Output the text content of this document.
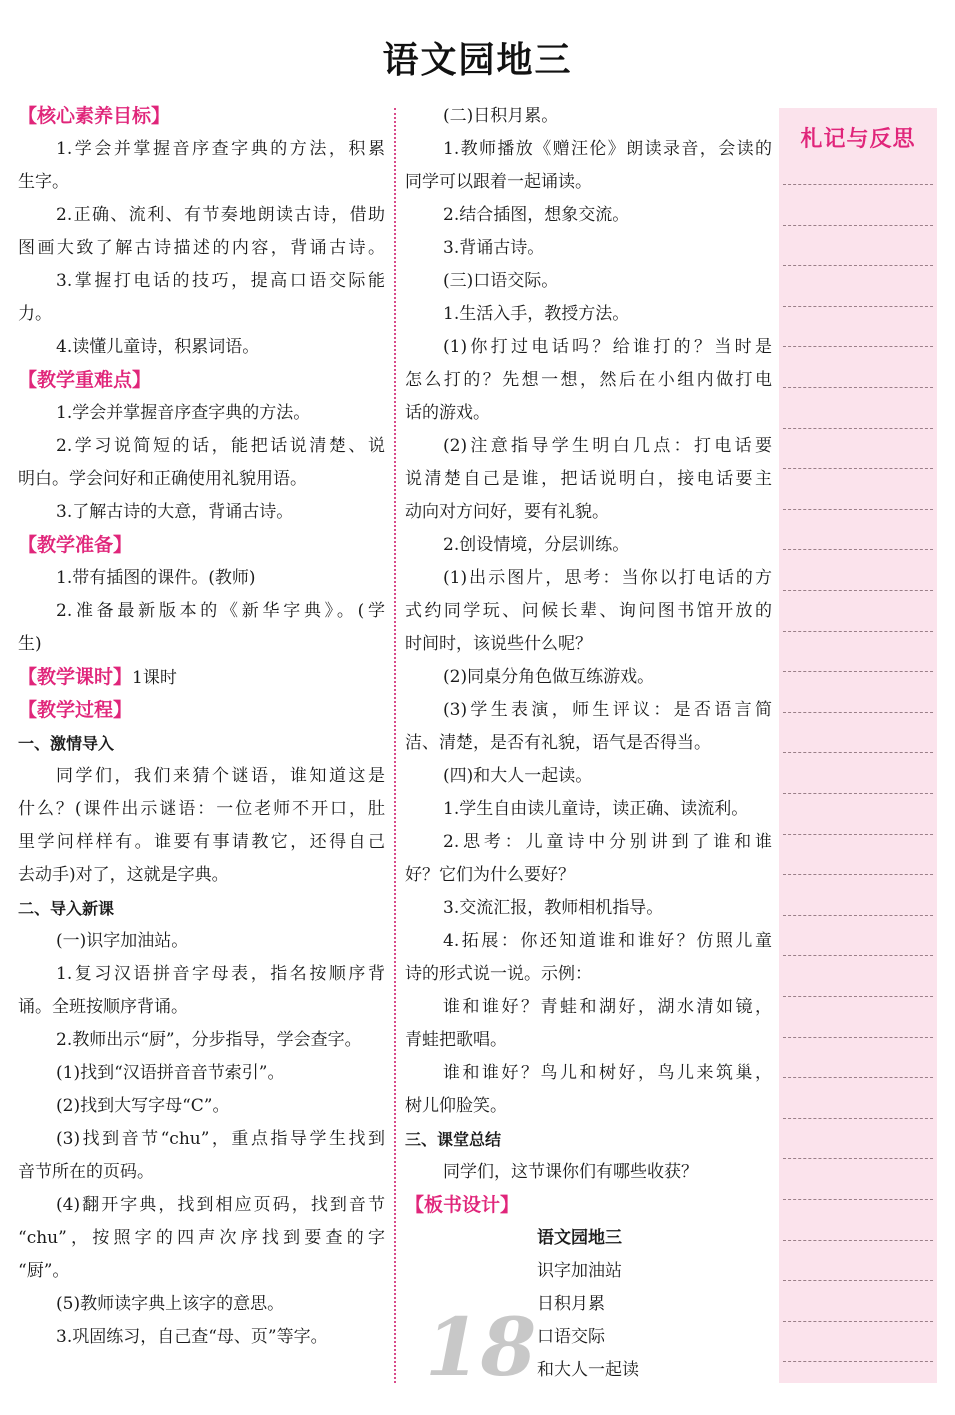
语文园地三
【核心素养目标】
1.学会并掌握音序查字典的方法，积累
生字。
2.正确、流利、有节奏地朗读古诗，借助
图画大致了解古诗描述的内容，背诵古诗。
3.掌握打电话的技巧，提高口语交际能
力。
4.读懂儿童诗，积累词语。
【教学重难点】
1.学会并掌握音序查字典的方法。
2.学习说简短的话，能把话说清楚、说
明白。学会问好和正确使用礼貌用语。
3.了解古诗的大意，背诵古诗。
【教学准备】
1.带有插图的课件。(教师)
2.准备最新版本的《新华字典》。(学
生)
【教学课时】1课时
【教学过程】
一、激情导入
同学们，我们来猜个谜语，谁知道这是
什么？(课件出示谜语：一位老师不开口，肚
里学问样样有。谁要有事请教它，还得自己
去动手)对了，这就是字典。
二、导入新课
(一)识字加油站。
1.复习汉语拼音字母表，指名按顺序背
诵。全班按顺序背诵。
2.教师出示“厨”，分步指导，学会查字。
(1)找到“汉语拼音音节索引”。
(2)找到大写字母“C”。
(3)找到音节“chu”，重点指导学生找到
音节所在的页码。
(4)翻开字典，找到相应页码，找到音节
“chu”，按照字的四声次序找到要查的字
“厨”。
(5)教师读字典上该字的意思。
3.巩固练习，自己查“母、页”等字。
(二)日积月累。
1.教师播放《赠汪伦》朗读录音，会读的
同学可以跟着一起诵读。
2.结合插图，想象交流。
3.背诵古诗。
(三)口语交际。
1.生活入手，教授方法。
(1)你打过电话吗？给谁打的？当时是
怎么打的？先想一想，然后在小组内做打电
话的游戏。
(2)注意指导学生明白几点：打电话要
说清楚自己是谁，把话说明白，接电话要主
动向对方问好，要有礼貌。
2.创设情境，分层训练。
(1)出示图片，思考：当你以打电话的方
式约同学玩、问候长辈、询问图书馆开放的
时间时，该说些什么呢？
(2)同桌分角色做互练游戏。
(3)学生表演，师生评议：是否语言简
洁、清楚，是否有礼貌，语气是否得当。
(四)和大人一起读。
1.学生自由读儿童诗，读正确、读流利。
2.思考：儿童诗中分别讲到了谁和谁
好？它们为什么要好？
3.交流汇报，教师相机指导。
4.拓展：你还知道谁和谁好？仿照儿童
诗的形式说一说。示例：
谁和谁好？青蛙和湖好，湖水清如镜，
青蛙把歌唱。
谁和谁好？鸟儿和树好，鸟儿来筑巢，
树儿仰脸笑。
三、课堂总结
同学们，这节课你们有哪些收获？
【板书设计】
语文园地三
识字加油站
日积月累
口语交际
和大人一起读
札记与反思
18
